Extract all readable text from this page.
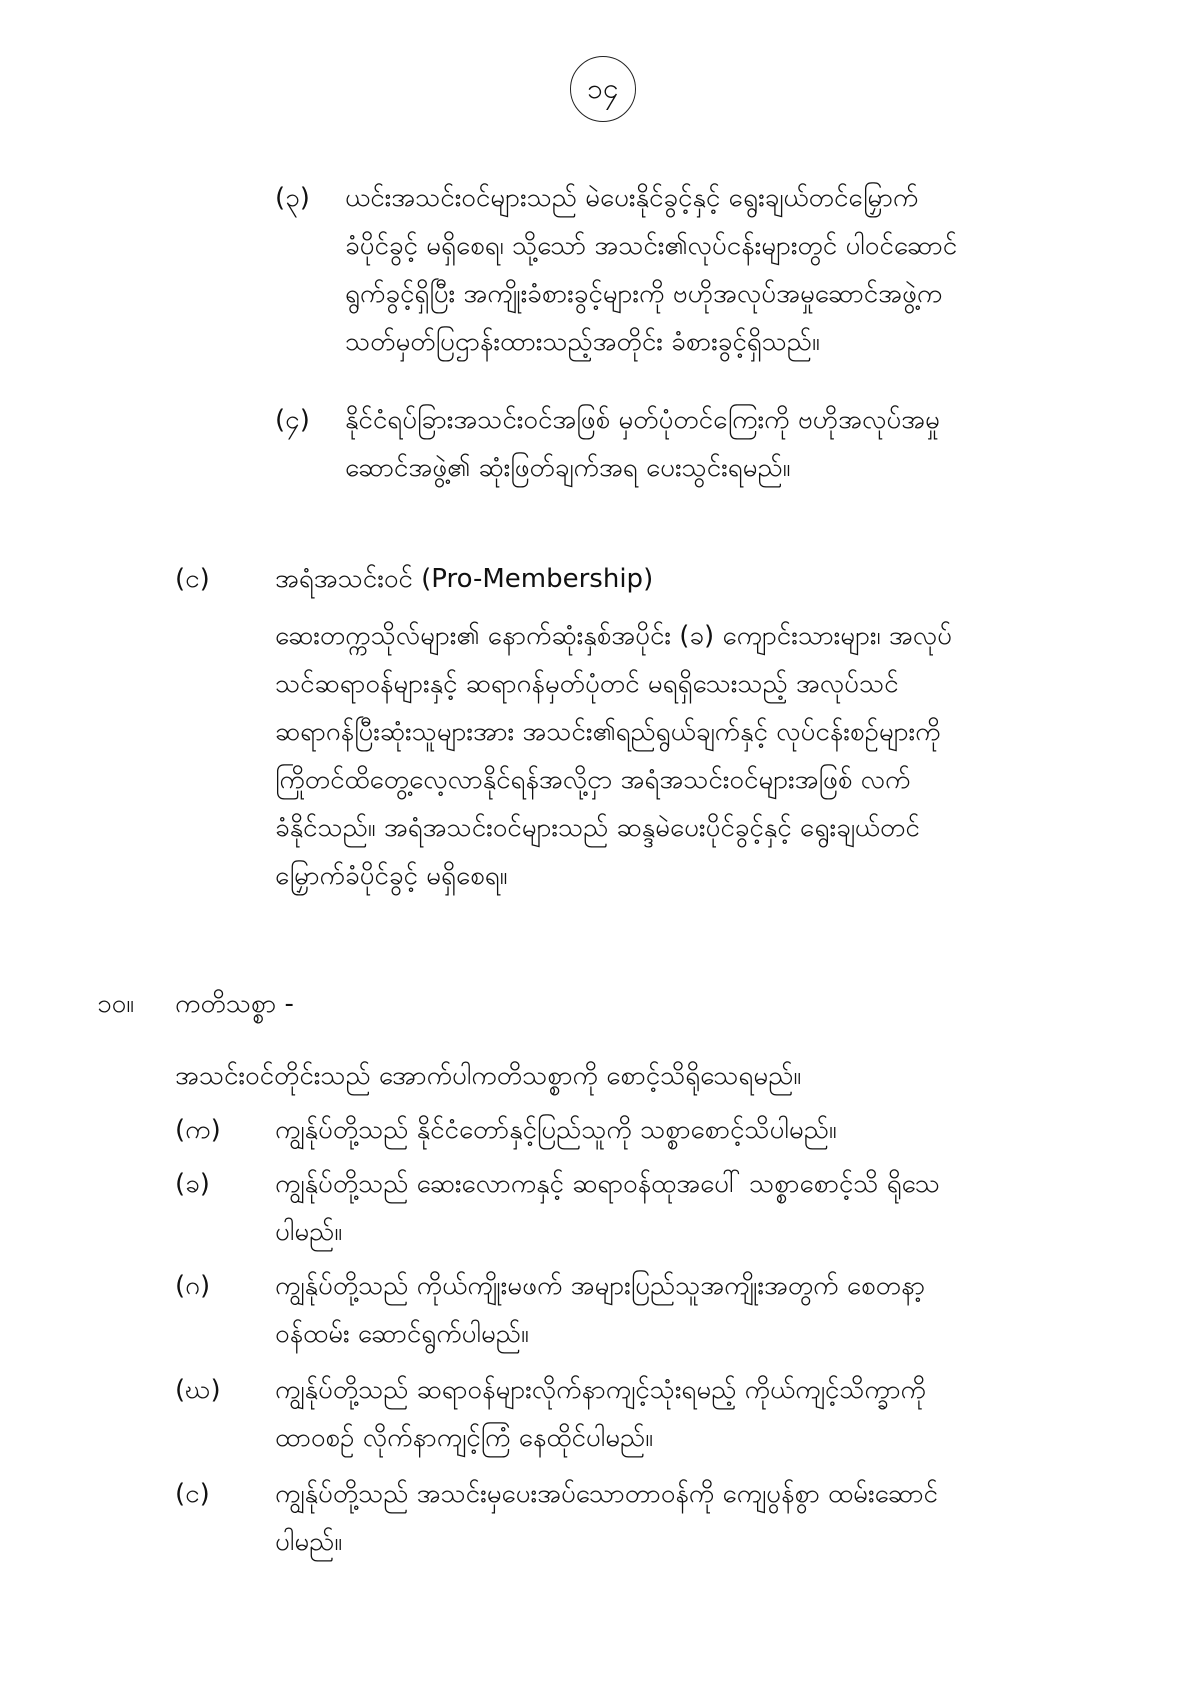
၁၄
(၃) ယင်းအသင်းဝင်များသည် မဲပေးနိုင်ခွင့်နှင့် ရွေးချယ်တင်မြှောက်
ခံပိုင်ခွင့် မရှိစေရ၊ သို့သော် အသင်း၏လုပ်ငန်းများတွင် ပါဝင်ဆောင်
ရွက်ခွင့်ရှိပြီး အကျိုးခံစားခွင့်များကို ဗဟိုအလုပ်အမှုဆောင်အဖွဲ့က
သတ်မှတ်ပြဌာန်းထားသည့်အတိုင်း ခံစားခွင့်ရှိသည်။
(၄) နိုင်ငံရပ်ခြားအသင်းဝင်အဖြစ် မှတ်ပုံတင်ကြေးကို ဗဟိုအလုပ်အမှု
ဆောင်အဖွဲ့၏ ဆုံးဖြတ်ချက်အရ ပေးသွင်းရမည်။
(င)	အရံအသင်းဝင် (Pro-Membership)
ဆေးတက္ကသိုလ်များ၏ နောက်ဆုံးနှစ်အပိုင်း (ခ) ကျောင်းသားများ၊ အလုပ်
သင်ဆရာဝန်များနှင့် ဆရာဂန်မှတ်ပုံတင် မရရှိသေးသည့် အလုပ်သင်
ဆရာဂန်ပြီးဆုံးသူများအား အသင်း၏ရည်ရွယ်ချက်နှင့် လုပ်ငန်းစဉ်များကို
ကြိုတင်ထိတွေ့လေ့လာနိုင်ရန်အလို့ငှာ အရံအသင်းဝင်များအဖြစ် လက်
ခံနိုင်သည်။ အရံအသင်းဝင်များသည် ဆန္ဒမဲပေးပိုင်ခွင့်နှင့် ရွေးချယ်တင်
မြှောက်ခံပိုင်ခွင့် မရှိစေရ။
၁၀။ ကတိသစ္စာ -
အသင်းဝင်တိုင်းသည် အောက်ပါကတိသစ္စာကို စောင့်သိရိုသေရမည်။
(က) ကျွန်ုပ်တို့သည် နိုင်ငံတော်နှင့်ပြည်သူကို သစ္စာစောင့်သိပါမည်။
(ခ)	ကျွန်ုပ်တို့သည် ဆေးလောကနှင့် ဆရာဝန်ထုအပေါ် သစ္စာစောင့်သိ ရိုသေ
ပါမည်။
(ဂ) ကျွန်ုပ်တို့သည် ကိုယ်ကျိုးမဖက် အများပြည်သူအကျိုးအတွက် စေတနာ့
ဝန်ထမ်း ဆောင်ရွက်ပါမည်။
(ဃ) ကျွန်ုပ်တို့သည် ဆရာဝန်များလိုက်နာကျင့်သုံးရမည့် ကိုယ်ကျင့်သိက္ခာကို
ထာဝစဉ် လိုက်နာကျင့်ကြံ နေထိုင်ပါမည်။
(င)	ကျွန်ုပ်တို့သည် အသင်းမှပေးအပ်သောတာဝန်ကို ကျေပွန်စွာ ထမ်းဆောင်
ပါမည်။
